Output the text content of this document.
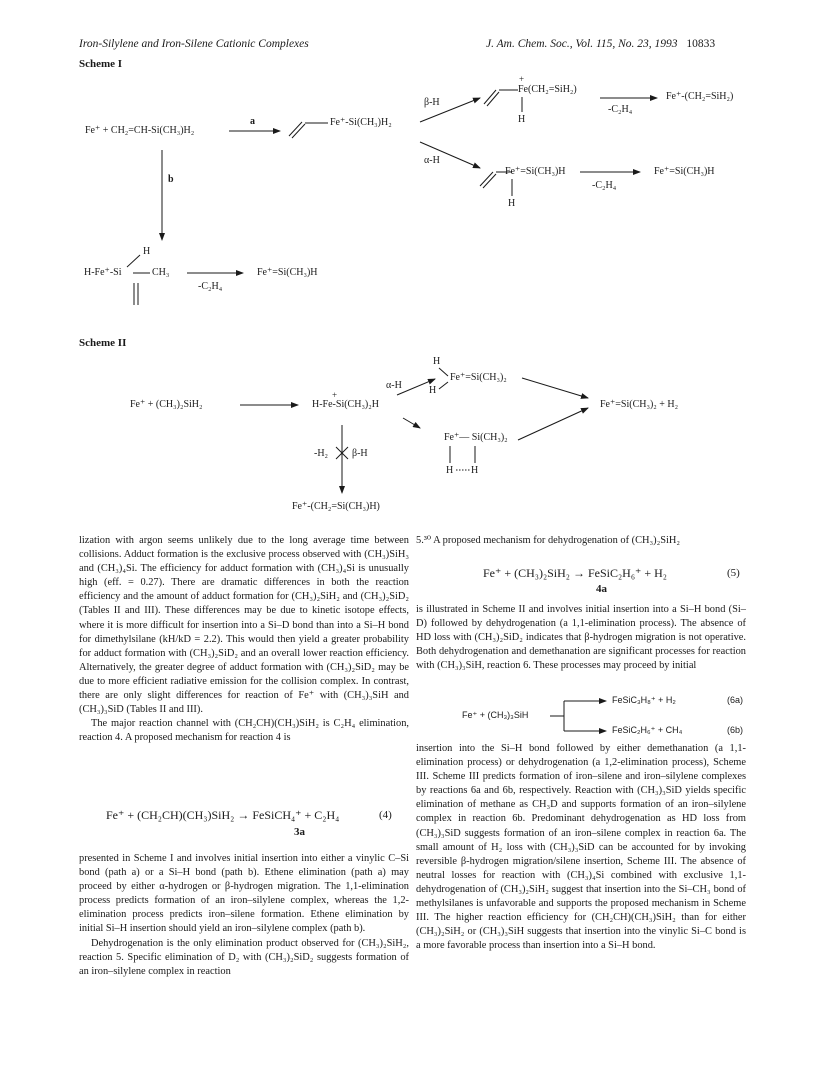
Iron-Silylene and Iron-Silene Cationic Complexes	J. Am. Chem. Soc., Vol. 115, No. 23, 1993 10833
Scheme I
Fe⁺ + CH₂=CH-Si(CH₃)H₂
a
b
Fe⁺-Si(CH₃)H₂
β-H
α-H
+
Fe(CH₂=SiH₂)
H
-C₂H₄
Fe⁺-(CH₂=SiH₂)
Fe⁺=Si(CH₃)H
H
-C₂H₄
Fe⁺=Si(CH₃)H
H
H-Fe⁺-Si	CH₃
-C₂H₄
Fe⁺=Si(CH₃)H
Scheme II
Fe⁺ + (CH₃)₂SiH₂
+
H-Fe-Si(CH₃)₂H
α-H
H
H
Fe⁺=Si(CH₃)₂
Fe⁺— Si(CH₃)₂
H H
-H₂ β-H
Fe⁺=Si(CH₃)₂ + H₂
Fe⁺-(CH₂=Si(CH₃)H)

lization with argon seems unlikely due to the long average time between collisions. Adduct formation is the exclusive process observed with (CH₃)SiH₃ and (CH₃)₄Si. The efficiency for adduct formation with (CH₃)₄Si is unusually high (eff. = 0.27). There are dramatic differences in both the reaction efficiency and the amount of adduct formation for (CH₃)₂SiH₂ and (CH₃)₂SiD₂ (Tables II and III). These differences may be due to kinetic isotope effects, where it is more difficult for insertion into a Si–D bond than into a Si–H bond for dimethylsilane (kH/kD = 2.2). This would then yield a greater probability for adduct formation with (CH₃)₂SiD₂ and an overall lower reaction efficiency. Alternatively, the greater degree of adduct formation with (CH₃)₂SiD₂ may be due to more efficient radiative emission for the collision complex. In contrast, there are only slight differences for reaction of Fe⁺ with (CH₃)₃SiH and (CH₃)₃SiD (Tables II and III).

The major reaction channel with (CH₂CH)(CH₃)SiH₂ is C₂H₄ elimination, reaction 4. A proposed mechanism for reaction 4 is

Fe⁺ + (CH₂CH)(CH₃)SiH₂ → FeSiCH₄⁺ + C₂H₄	(4)
3a

presented in Scheme I and involves initial insertion into either a vinylic C–Si bond (path a) or a Si–H bond (path b). Ethene elimination (path a) may proceed by either α-hydrogen or β-hydrogen migration. The 1,1-elimination process predicts formation of an iron–silylene complex, whereas the 1,2-elimination process predicts iron–silene formation. Ethene elimination by initial Si–H insertion should yield an iron–silylene complex (path b).

Dehydrogenation is the only elimination product observed for (CH₃)₂SiH₂, reaction 5. Specific elimination of D₂ with (CH₃)₂SiD₂ suggests formation of an iron–silylene complex in reaction

5.³⁰ A proposed mechanism for dehydrogenation of (CH₃)₂SiH₂

Fe⁺ + (CH₃)₂SiH₂ → FeSiC₂H₆⁺ + H₂	(5)
4a

is illustrated in Scheme II and involves initial insertion into a Si–H bond (Si–D) followed by dehydrogenation (a 1,1-elimination process). The absence of HD loss with (CH₃)₂SiD₂ indicates that β-hydrogen migration is not operative. Both dehydrogenation and demethanation are significant processes for reaction with (CH₃)₃SiH, reaction 6. These processes may proceed by initial

Fe⁺ + (CH₃)₃SiH
FeSiC₃H₈⁺ + H₂	(6a)
FeSiC₂H₆⁺ + CH₄	(6b)

insertion into the Si–H bond followed by either demethanation (a 1,1-elimination process) or dehydrogenation (a 1,2-elimination process), Scheme III. Scheme III predicts formation of iron–silene and iron–silylene complexes by reactions 6a and 6b, respectively. Reaction with (CH₃)₃SiD yields specific elimination of methane as CH₃D and supports formation of an iron–silylene complex in reaction 6b. Predominant dehydrogenation as HD loss from (CH₃)₃SiD suggests formation of an iron–silene complex in reaction 6a. The small amount of H₂ loss with (CH₃)₃SiD can be accounted for by invoking reversible β-hydrogen migration/silene insertion, Scheme III. The absence of neutral losses for reaction with (CH₃)₄Si combined with exclusive 1,1-dehydrogenation of (CH₃)₂SiH₂ suggest that insertion into the Si–CH₃ bond of methylsilanes is unfavorable and supports the proposed mechanism in Scheme III. The higher reaction efficiency for (CH₂CH)(CH₃)SiH₂ than for either (CH₃)₂SiH₂ or (CH₃)₃SiH suggests that insertion into the vinylic Si–C bond is a more favorable process than insertion into a Si–H bond.
